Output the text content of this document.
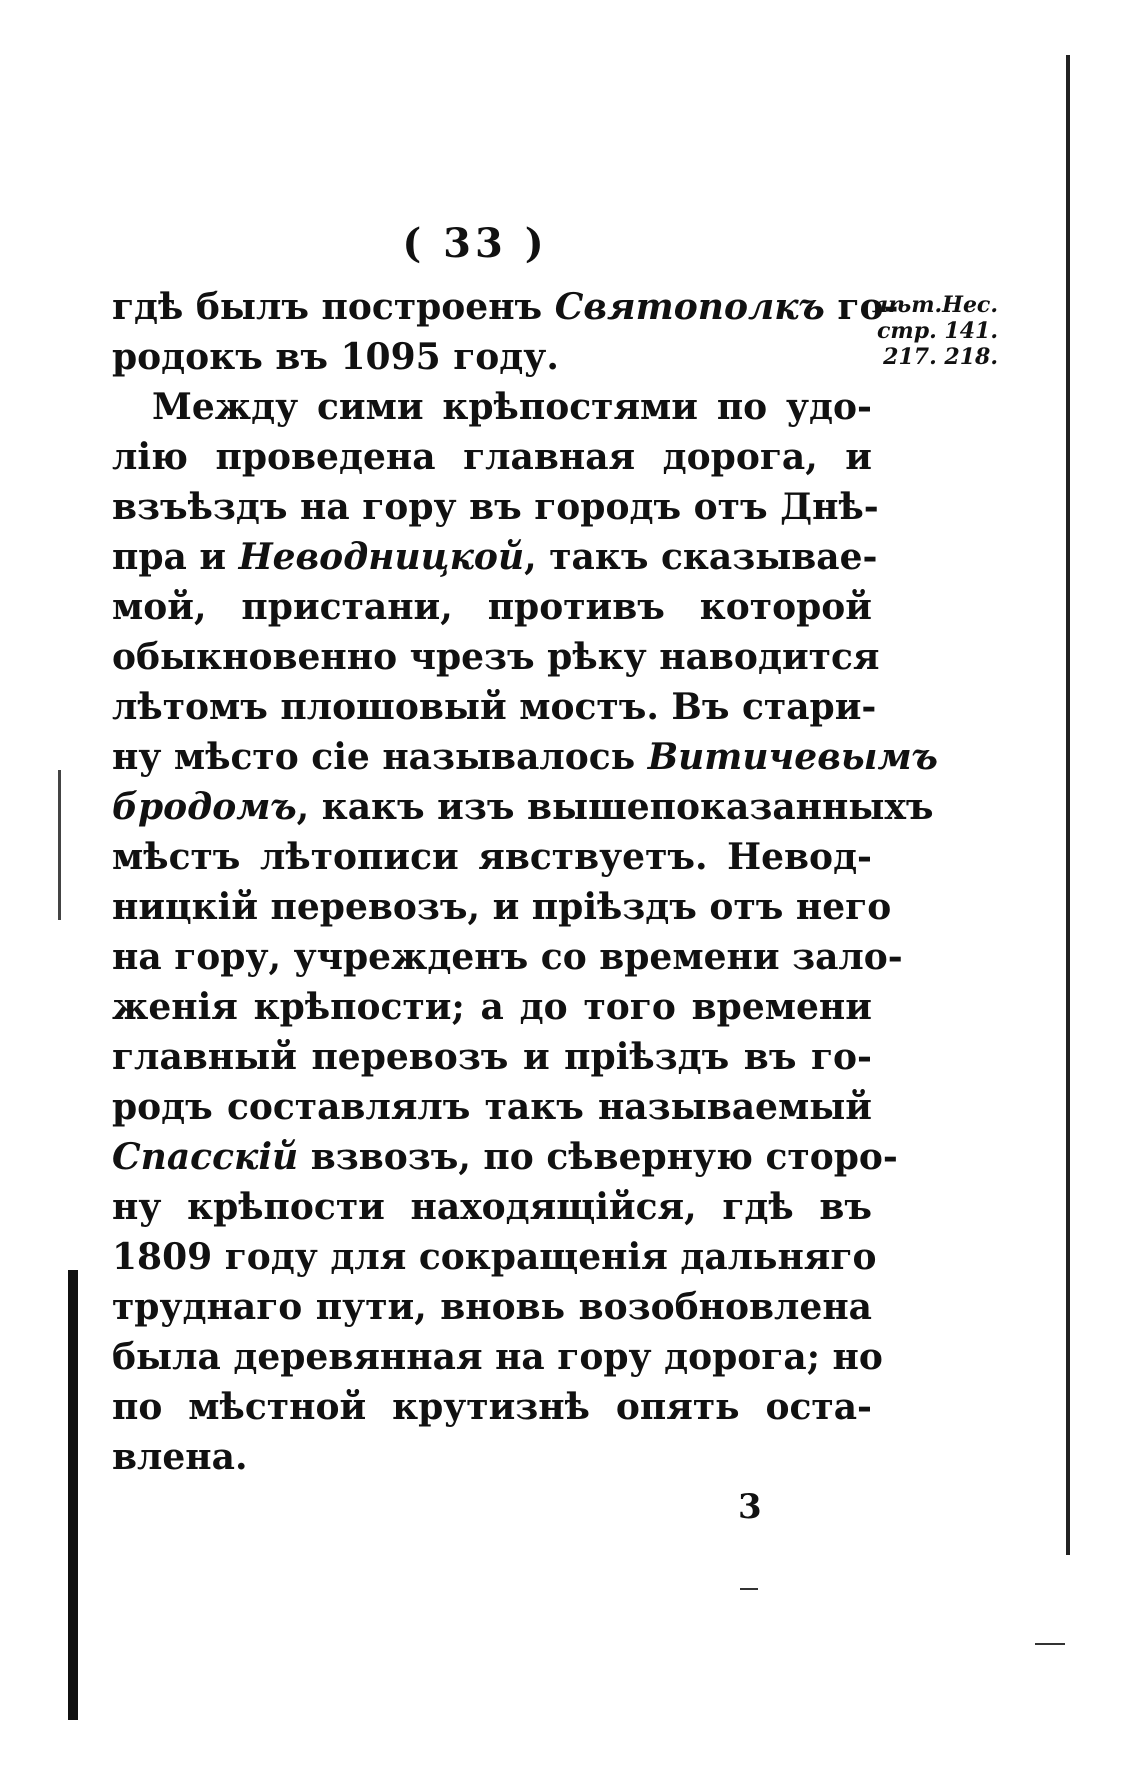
( 33 )
лѣт.Нес.
стр. 141.
217. 218.
гдѣ былъ построенъ Святополкъ го-
родокъ въ 1095 году.
Между сими крѣпостями по удо-
лію проведена главная дорога, и
взъѣздъ на гору въ городъ отъ Днѣ-
пра и Неводницкой, такъ сказывае-
мой, пристани, противъ которой
обыкновенно чрезъ рѣку наводится
лѣтомъ плошовый мостъ. Въ стари-
ну мѣсто сіе называлось Витичевымъ
бродомъ, какъ изъ вышепоказанныхъ
мѣстъ лѣтописи явствуетъ. Невод-
ницкій перевозъ, и пріѣздъ отъ него
на гору, учрежденъ со времени зало-
женія крѣпости; а до того времени
главный перевозъ и пріѣздъ въ го-
родъ составлялъ такъ называемый
Спасскій взвозъ, по сѣверную сторо-
ну крѣпости находящійся, гдѣ въ
1809 году для сокращенія дальняго
труднаго пути, вновь возобновлена
была деревянная на гору дорога; но
по мѣстной крутизнѣ опять оста-
влена.
3
